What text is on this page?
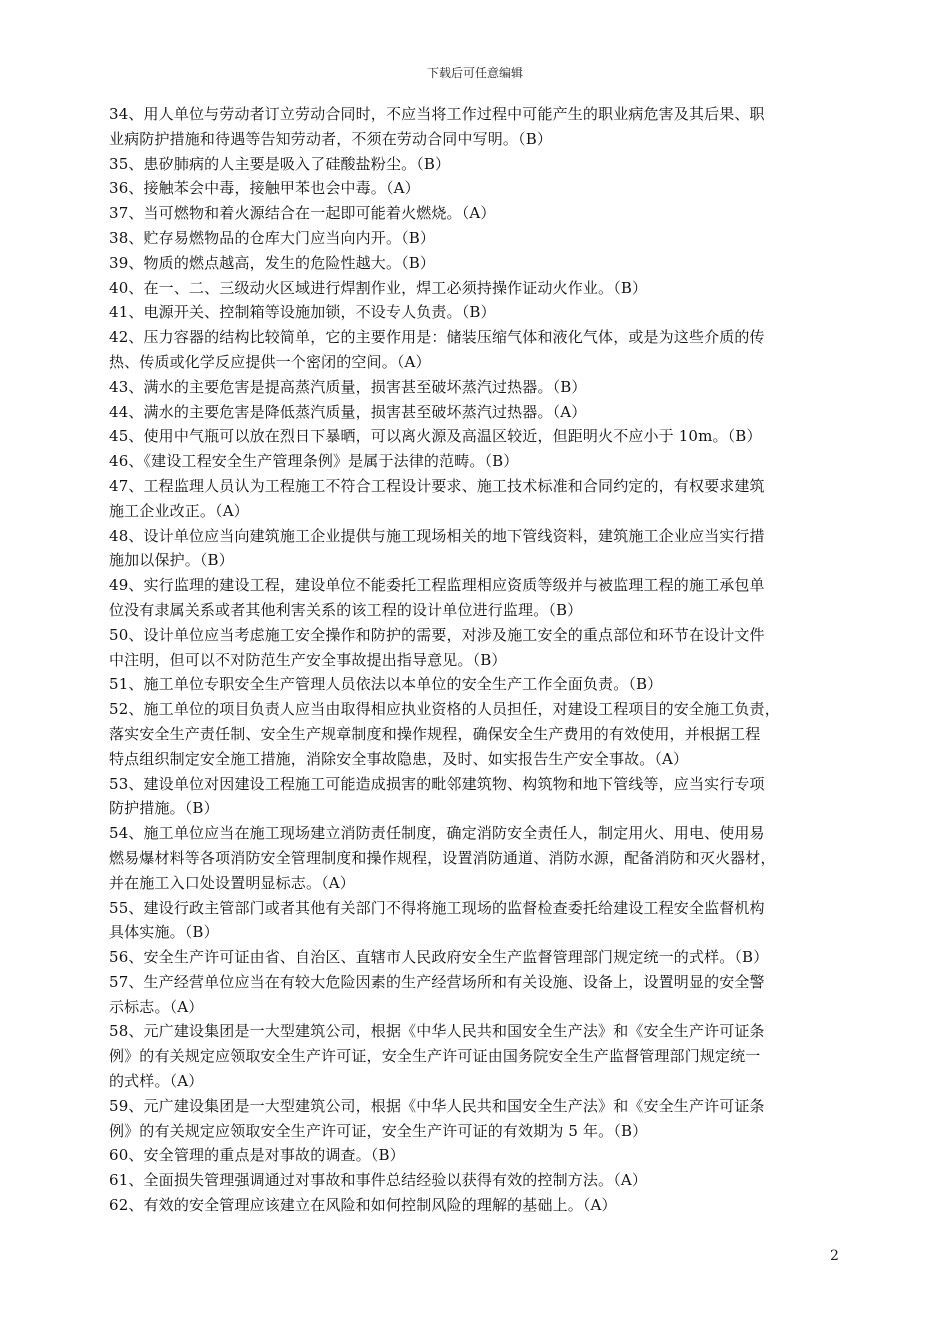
下载后可任意编辑
34、用人单位与劳动者订立劳动合同时，不应当将工作过程中可能产生的职业病危害及其后果、职
业病防护措施和待遇等告知劳动者，不须在劳动合同中写明。（B）
35、患矽肺病的人主要是吸入了硅酸盐粉尘。（B）
36、接触苯会中毒，接触甲苯也会中毒。（A）
37、当可燃物和着火源结合在一起即可能着火燃烧。（A）
38、贮存易燃物品的仓库大门应当向内开。（B）
39、物质的燃点越高，发生的危险性越大。（B）
40、在一、二、三级动火区域进行焊割作业，焊工必须持操作证动火作业。（B）
41、电源开关、控制箱等设施加锁，不设专人负责。（B）
42、压力容器的结构比较简单，它的主要作用是：储装压缩气体和液化气体，或是为这些介质的传
热、传质或化学反应提供一个密闭的空间。（A）
43、满水的主要危害是提高蒸汽质量，损害甚至破坏蒸汽过热器。（B）
44、满水的主要危害是降低蒸汽质量，损害甚至破坏蒸汽过热器。（A）
45、使用中气瓶可以放在烈日下暴晒，可以离火源及高温区较近，但距明火不应小于 10m。（B）
46、《建设工程安全生产管理条例》是属于法律的范畴。（B）
47、工程监理人员认为工程施工不符合工程设计要求、施工技术标准和合同约定的，有权要求建筑
施工企业改正。（A）
48、设计单位应当向建筑施工企业提供与施工现场相关的地下管线资料，建筑施工企业应当实行措
施加以保护。（B）
49、实行监理的建设工程，建设单位不能委托工程监理相应资质等级并与被监理工程的施工承包单
位没有隶属关系或者其他利害关系的该工程的设计单位进行监理。（B）
50、设计单位应当考虑施工安全操作和防护的需要，对涉及施工安全的重点部位和环节在设计文件
中注明，但可以不对防范生产安全事故提出指导意见。（B）
51、施工单位专职安全生产管理人员依法以本单位的安全生产工作全面负责。（B）
52、施工单位的项目负责人应当由取得相应执业资格的人员担任，对建设工程项目的安全施工负责，
落实安全生产责任制、安全生产规章制度和操作规程，确保安全生产费用的有效使用，并根据工程
特点组织制定安全施工措施，消除安全事故隐患，及时、如实报告生产安全事故。（A）
53、建设单位对因建设工程施工可能造成损害的毗邻建筑物、构筑物和地下管线等，应当实行专项
防护措施。（B）
54、施工单位应当在施工现场建立消防责任制度，确定消防安全责任人，制定用火、用电、使用易
燃易爆材料等各项消防安全管理制度和操作规程，设置消防通道、消防水源，配备消防和灭火器材，
并在施工入口处设置明显标志。（A）
55、建设行政主管部门或者其他有关部门不得将施工现场的监督检查委托给建设工程安全监督机构
具体实施。（B）
56、安全生产许可证由省、自治区、直辖市人民政府安全生产监督管理部门规定统一的式样。（B）
57、生产经营单位应当在有较大危险因素的生产经营场所和有关设施、设备上，设置明显的安全警
示标志。（A）
58、元广建设集团是一大型建筑公司，根据《中华人民共和国安全生产法》和《安全生产许可证条
例》的有关规定应领取安全生产许可证，安全生产许可证由国务院安全生产监督管理部门规定统一
的式样。（A）
59、元广建设集团是一大型建筑公司，根据《中华人民共和国安全生产法》和《安全生产许可证条
例》的有关规定应领取安全生产许可证，安全生产许可证的有效期为 5 年。（B）
60、安全管理的重点是对事故的调查。（B）
61、全面损失管理强调通过对事故和事件总结经验以获得有效的控制方法。（A）
62、有效的安全管理应该建立在风险和如何控制风险的理解的基础上。（A）
2
